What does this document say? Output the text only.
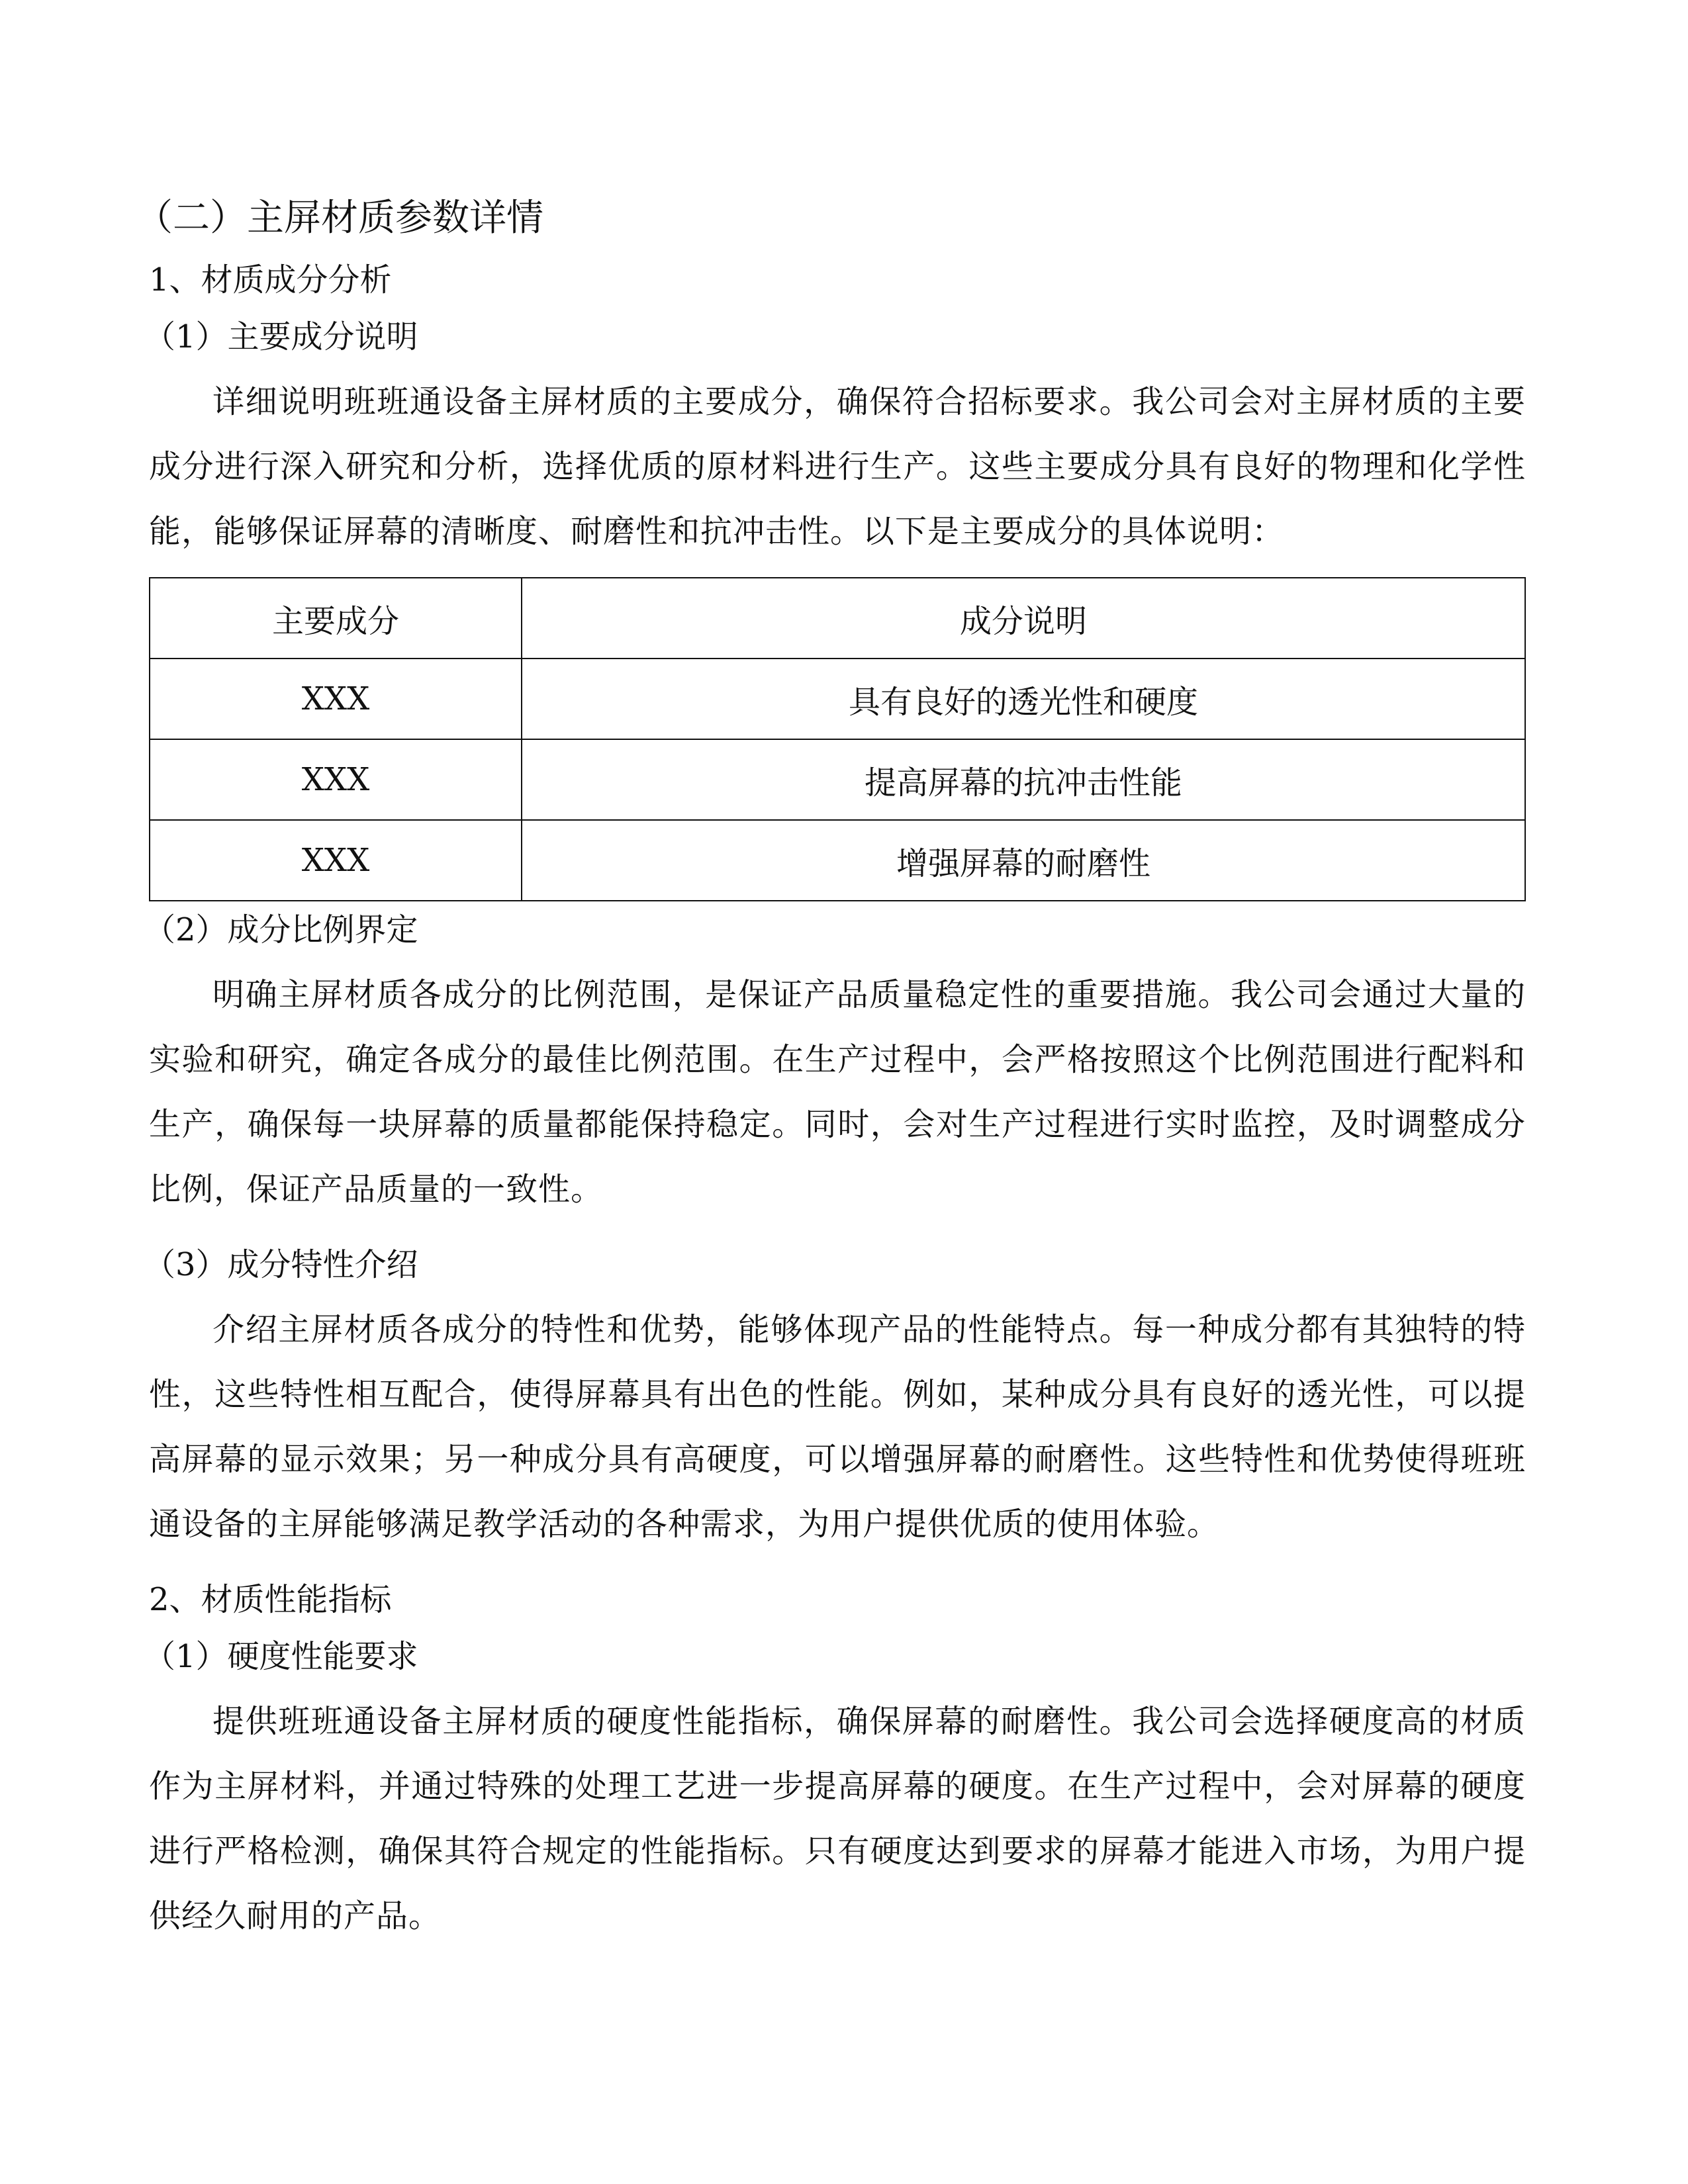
（二）主屏材质参数详情
1、材质成分分析
（1）主要成分说明

详细说明班班通设备主屏材质的主要成分，确保符合招标要求。我公司会对主屏材质的主要成分进行深入研究和分析，选择优质的原材料进行生产。这些主要成分具有良好的物理和化学性能，能够保证屏幕的清晰度、耐磨性和抗冲击性。以下是主要成分的具体说明：

主要成分	成分说明
XXX	具有良好的透光性和硬度
XXX	提高屏幕的抗冲击性能
XXX	增强屏幕的耐磨性
（2）成分比例界定

明确主屏材质各成分的比例范围，是保证产品质量稳定性的重要措施。我公司会通过大量的实验和研究，确定各成分的最佳比例范围。在生产过程中，会严格按照这个比例范围进行配料和生产，确保每一块屏幕的质量都能保持稳定。同时，会对生产过程进行实时监控，及时调整成分比例，保证产品质量的一致性。

（3）成分特性介绍

介绍主屏材质各成分的特性和优势，能够体现产品的性能特点。每一种成分都有其独特的特性，这些特性相互配合，使得屏幕具有出色的性能。例如，某种成分具有良好的透光性，可以提高屏幕的显示效果；另一种成分具有高硬度，可以增强屏幕的耐磨性。这些特性和优势使得班班通设备的主屏能够满足教学活动的各种需求，为用户提供优质的使用体验。

2、材质性能指标
（1）硬度性能要求

提供班班通设备主屏材质的硬度性能指标，确保屏幕的耐磨性。我公司会选择硬度高的材质作为主屏材料，并通过特殊的处理工艺进一步提高屏幕的硬度。在生产过程中，会对屏幕的硬度进行严格检测，确保其符合规定的性能指标。只有硬度达到要求的屏幕才能进入市场，为用户提供经久耐用的产品。
